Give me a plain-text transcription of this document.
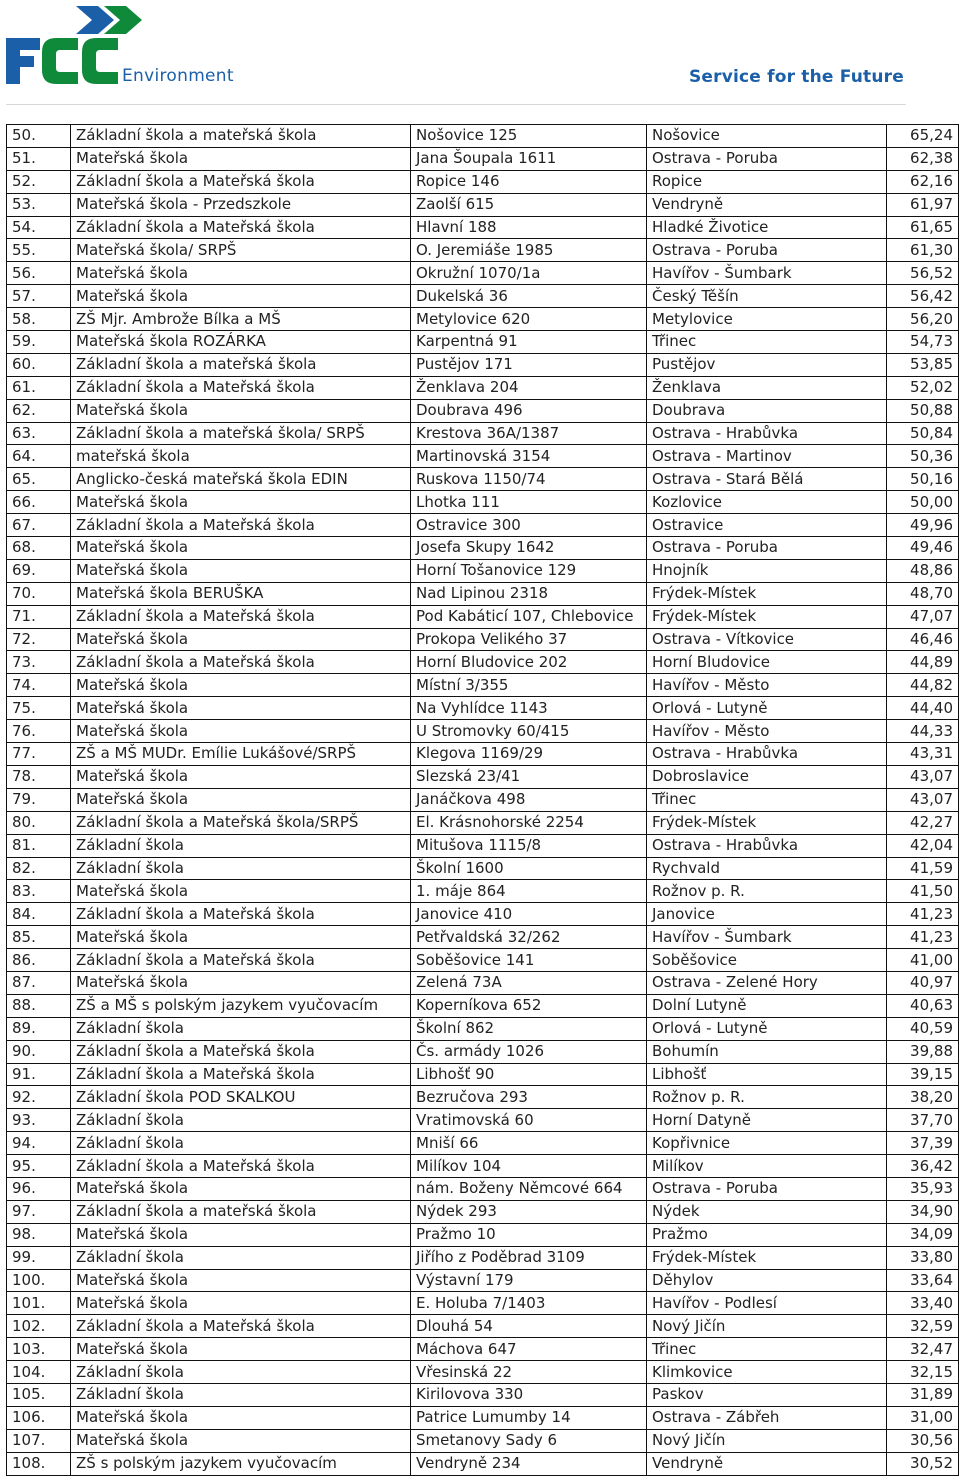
Environment	Service for the Future
50.	Základní škola a mateřská škola	Nošovice 125	Nošovice	65,24
51.	Mateřská škola	Jana Šoupala 1611	Ostrava - Poruba	62,38
52.	Základní škola a Mateřská škola	Ropice 146	Ropice	62,16
53.	Mateřská škola - Przedszkole	Zaolší 615	Vendryně	61,97
54.	Základní škola a Mateřská škola	Hlavní 188	Hladké Životice	61,65
55.	Mateřská škola/ SRPŠ	O. Jeremiáše 1985	Ostrava - Poruba	61,30
56.	Mateřská škola	Okružní 1070/1a	Havířov - Šumbark	56,52
57.	Mateřská škola	Dukelská 36	Český Těšín	56,42
58.	ZŠ Mjr. Ambrože Bílka a MŠ	Metylovice 620	Metylovice	56,20
59.	Mateřská škola ROZÁRKA	Karpentná 91	Třinec	54,73
60.	Základní škola a mateřská škola	Pustějov 171	Pustějov	53,85
61.	Základní škola a Mateřská škola	Ženklava 204	Ženklava	52,02
62.	Mateřská škola	Doubrava 496	Doubrava	50,88
63.	Základní škola a mateřská škola/ SRPŠ	Krestova 36A/1387	Ostrava - Hrabůvka	50,84
64.	mateřská škola	Martinovská 3154	Ostrava - Martinov	50,36
65.	Anglicko-česká mateřská škola EDIN	Ruskova 1150/74	Ostrava - Stará Bělá	50,16
66.	Mateřská škola	Lhotka 111	Kozlovice	50,00
67.	Základní škola a Mateřská škola	Ostravice 300	Ostravice	49,96
68.	Mateřská škola	Josefa Skupy 1642	Ostrava - Poruba	49,46
69.	Mateřská škola	Horní Tošanovice 129	Hnojník	48,86
70.	Mateřská škola BERUŠKA	Nad Lipinou 2318	Frýdek-Místek	48,70
71.	Základní škola a Mateřská škola	Pod Kabáticí 107, Chlebovice	Frýdek-Místek	47,07
72.	Mateřská škola	Prokopa Velikého 37	Ostrava - Vítkovice	46,46
73.	Základní škola a Mateřská škola	Horní Bludovice 202	Horní Bludovice	44,89
74.	Mateřská škola	Místní 3/355	Havířov - Město	44,82
75.	Mateřská škola	Na Vyhlídce 1143	Orlová - Lutyně	44,40
76.	Mateřská škola	U Stromovky 60/415	Havířov - Město	44,33
77.	ZŠ a MŠ MUDr. Emílie Lukášové/SRPŠ	Klegova 1169/29	Ostrava - Hrabůvka	43,31
78.	Mateřská škola	Slezská 23/41	Dobroslavice	43,07
79.	Mateřská škola	Janáčkova 498	Třinec	43,07
80.	Základní škola a Mateřská škola/SRPŠ	El. Krásnohorské 2254	Frýdek-Místek	42,27
81.	Základní škola	Mitušova 1115/8	Ostrava - Hrabůvka	42,04
82.	Základní škola	Školní 1600	Rychvald	41,59
83.	Mateřská škola	1. máje 864	Rožnov p. R.	41,50
84.	Základní škola a Mateřská škola	Janovice 410	Janovice	41,23
85.	Mateřská škola	Petřvaldská 32/262	Havířov - Šumbark	41,23
86.	Základní škola a Mateřská škola	Soběšovice 141	Soběšovice	41,00
87.	Mateřská škola	Zelená 73A	Ostrava - Zelené Hory	40,97
88.	ZŠ a MŠ s polským jazykem vyučovacím	Koperníkova 652	Dolní Lutyně	40,63
89.	Základní škola	Školní 862	Orlová - Lutyně	40,59
90.	Základní škola a Mateřská škola	Čs. armády 1026	Bohumín	39,88
91.	Základní škola a Mateřská škola	Libhošť 90	Libhošť	39,15
92.	Základní škola POD SKALKOU	Bezručova 293	Rožnov p. R.	38,20
93.	Základní škola	Vratimovská 60	Horní Datyně	37,70
94.	Základní škola	Mniší 66	Kopřivnice	37,39
95.	Základní škola a Mateřská škola	Milíkov 104	Milíkov	36,42
96.	Mateřská škola	nám. Boženy Němcové 664	Ostrava - Poruba	35,93
97.	Základní škola a mateřská škola	Nýdek 293	Nýdek	34,90
98.	Mateřská škola	Pražmo 10	Pražmo	34,09
99.	Základní škola	Jiřího z Poděbrad 3109	Frýdek-Místek	33,80
100.	Mateřská škola	Výstavní 179	Děhylov	33,64
101.	Mateřská škola	E. Holuba 7/1403	Havířov - Podlesí	33,40
102.	Základní škola a Mateřská škola	Dlouhá 54	Nový Jičín	32,59
103.	Mateřská škola	Máchova 647	Třinec	32,47
104.	Základní škola	Vřesinská 22	Klimkovice	32,15
105.	Základní škola	Kirilovova 330	Paskov	31,89
106.	Mateřská škola	Patrice Lumumby 14	Ostrava - Zábřeh	31,00
107.	Mateřská škola	Smetanovy Sady 6	Nový Jičín	30,56
108.	ZŠ s polským jazykem vyučovacím	Vendryně 234	Vendryně	30,52
